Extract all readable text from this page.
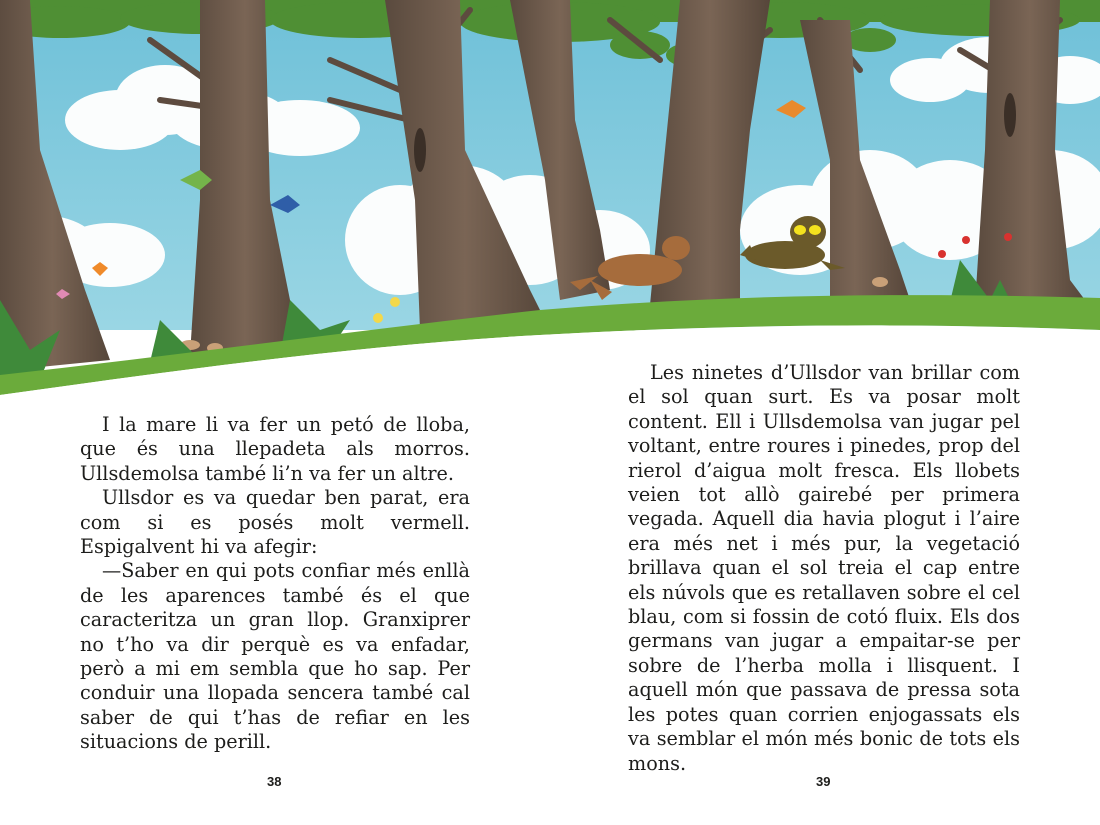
I la mare li va fer un petó de lloba, que és una llepadeta als morros. Ullsdemolsa també li’n va fer un altre.

Ullsdor es va quedar ben parat, era com si es posés molt vermell. Espigalvent hi va afegir:

—Saber en qui pots confiar més enllà de les aparences també és el que caracteritza un gran llop. Granxiprer no t’ho va dir perquè es va enfadar, però a mi em sembla que ho sap. Per conduir una llopada sencera també cal saber de qui t’has de refiar en les situacions de perill.

Les ninetes d’Ullsdor van brillar com el sol quan surt. Es va posar molt content. Ell i Ullsdemolsa van jugar pel voltant, entre roures i pinedes, prop del rierol d’aigua molt fresca. Els llobets veien tot allò gairebé per primera vegada. Aquell dia havia plogut i l’aire era més net i més pur, la vegetació brillava quan el sol treia el cap entre els núvols que es retallaven sobre el cel blau, com si fossin de cotó fluix. Els dos germans van jugar a empaitar-se per sobre de l’herba molla i llisquent. I aquell món que passava de pressa sota les potes quan corrien enjogassats els va semblar el món més bonic de tots els mons.

38	39
